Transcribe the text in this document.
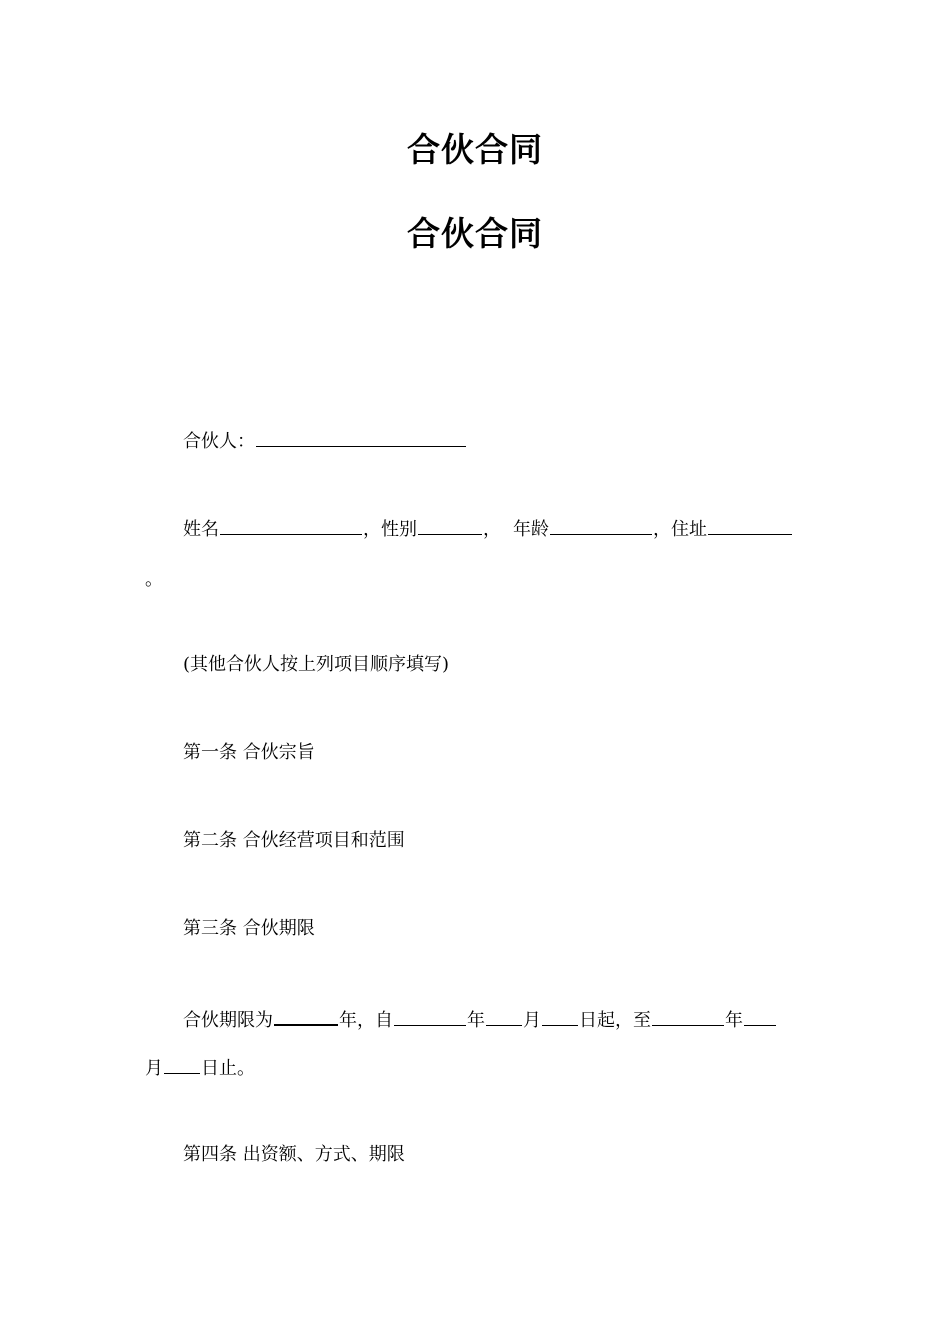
合伙合同
合伙合同
合伙人：
姓名	，性别	， 年龄	，住址
。
(其他合伙人按上列项目顺序填写)
第一条 合伙宗旨
第二条 合伙经营项目和范围
第三条 合伙期限
合伙期限为	年，自	年 月 日起，至	年
月 日止。
第四条 出资额、方式、期限
